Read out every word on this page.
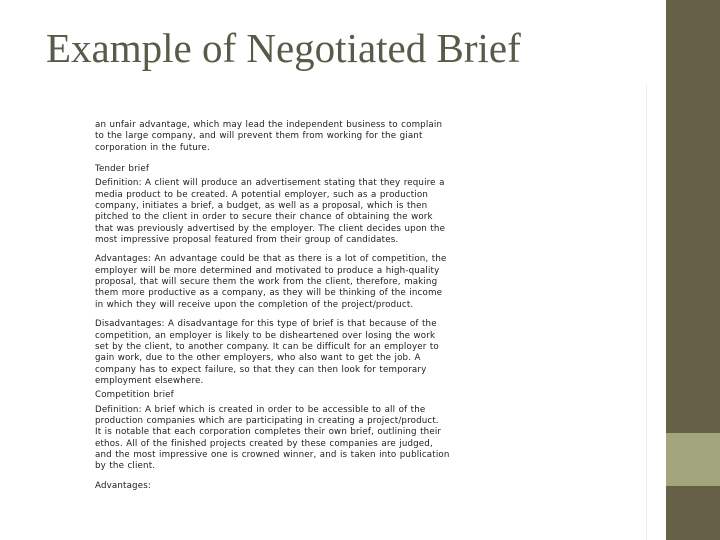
Example of Negotiated Brief

an unfair advantage, which may lead the independent business to complain
to the large company, and will prevent them from working for the giant
corporation in the future.

Tender brief

Definition: A client will produce an advertisement stating that they require a
media product to be created. A potential employer, such as a production
company, initiates a brief, a budget, as well as a proposal, which is then
pitched to the client in order to secure their chance of obtaining the work
that was previously advertised by the employer. The client decides upon the
most impressive proposal featured from their group of candidates.

Advantages: An advantage could be that as there is a lot of competition, the
employer will be more determined and motivated to produce a high-quality
proposal, that will secure them the work from the client, therefore, making
them more productive as a company, as they will be thinking of the income
in which they will receive upon the completion of the project/product.

Disadvantages: A disadvantage for this type of brief is that because of the
competition, an employer is likely to be disheartened over losing the work
set by the client, to another company. It can be difficult for an employer to
gain work, due to the other employers, who also want to get the job. A
company has to expect failure, so that they can then look for temporary
employment elsewhere.

Competition brief

Definition: A brief which is created in order to be accessible to all of the
production companies which are participating in creating a project/product.
It is notable that each corporation completes their own brief, outlining their
ethos. All of the finished projects created by these companies are judged,
and the most impressive one is crowned winner, and is taken into publication
by the client.

Advantages:
